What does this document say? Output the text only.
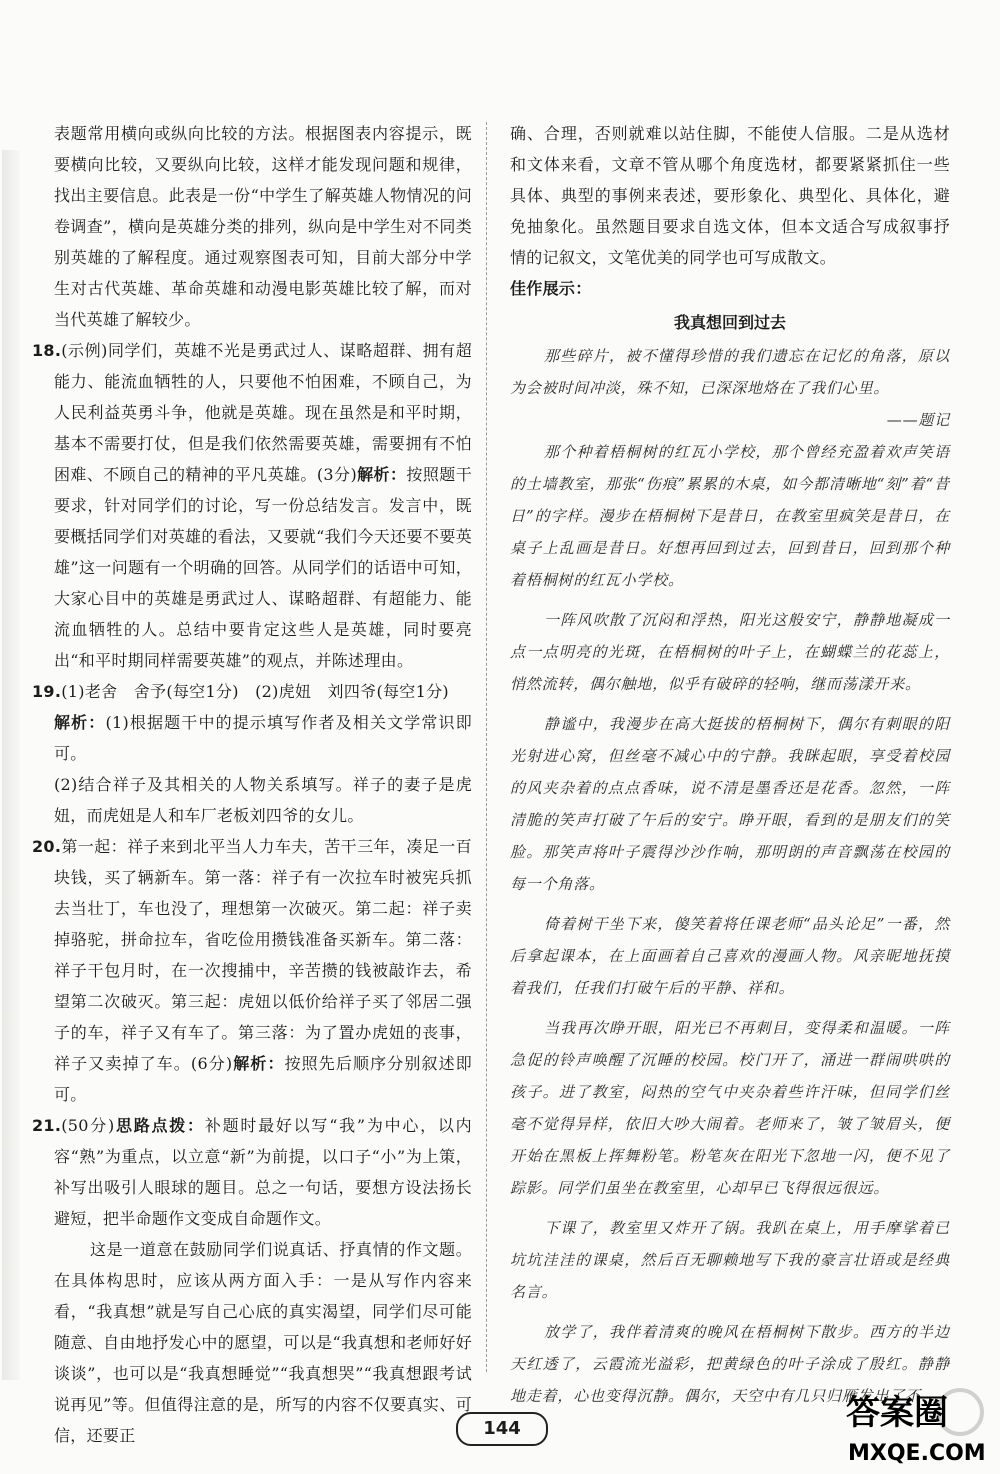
表题常用横向或纵向比较的方法。根据图表内容提示，既要横向比较，又要纵向比较，这样才能发现问题和规律，找出主要信息。此表是一份“中学生了解英雄人物情况的问卷调查”，横向是英雄分类的排列，纵向是中学生对不同类别英雄的了解程度。通过观察图表可知，目前大部分中学生对古代英雄、革命英雄和动漫电影英雄比较了解，而对当代英雄了解较少。

18.(示例)同学们，英雄不光是勇武过人、谋略超群、拥有超能力、能流血牺牲的人，只要他不怕困难，不顾自己，为人民利益英勇斗争，他就是英雄。现在虽然是和平时期，基本不需要打仗，但是我们依然需要英雄，需要拥有不怕困难、不顾自己的精神的平凡英雄。(3分)解析：按照题干要求，针对同学们的讨论，写一份总结发言。发言中，既要概括同学们对英雄的看法，又要就“我们今天还要不要英雄”这一问题有一个明确的回答。从同学们的话语中可知，大家心目中的英雄是勇武过人、谋略超群、有超能力、能流血牺牲的人。总结中要肯定这些人是英雄，同时要亮出“和平时期同样需要英雄”的观点，并陈述理由。

19.(1)老舍　舍予(每空1分)　(2)虎妞　刘四爷(每空1分)

解析：(1)根据题干中的提示填写作者及相关文学常识即可。

(2)结合祥子及其相关的人物关系填写。祥子的妻子是虎妞，而虎妞是人和车厂老板刘四爷的女儿。

20.第一起：祥子来到北平当人力车夫，苦干三年，凑足一百块钱，买了辆新车。第一落：祥子有一次拉车时被宪兵抓去当壮丁，车也没了，理想第一次破灭。第二起：祥子卖掉骆驼，拼命拉车，省吃俭用攒钱准备买新车。第二落：祥子干包月时，在一次搜捕中，辛苦攒的钱被敲诈去，希望第二次破灭。第三起：虎妞以低价给祥子买了邻居二强子的车，祥子又有车了。第三落：为了置办虎妞的丧事，祥子又卖掉了车。(6分)解析：按照先后顺序分别叙述即可。

21.(50分)思路点拨：补题时最好以写“我”为中心，以内容“熟”为重点，以立意“新”为前提，以口子“小”为上策，补写出吸引人眼球的题目。总之一句话，要想方设法扬长避短，把半命题作文变成自命题作文。

这是一道意在鼓励同学们说真话、抒真情的作文题。在具体构思时，应该从两方面入手：一是从写作内容来看，“我真想”就是写自己心底的真实渴望，同学们尽可能随意、自由地抒发心中的愿望，可以是“我真想和老师好好谈谈”，也可以是“我真想睡觉”“我真想哭”“我真想跟考试说再见”等。但值得注意的是，所写的内容不仅要真实、可信，还要正

确、合理，否则就难以站住脚，不能使人信服。二是从选材和文体来看，文章不管从哪个角度选材，都要紧紧抓住一些具体、典型的事例来表述，要形象化、典型化、具体化，避免抽象化。虽然题目要求自选文体，但本文适合写成叙事抒情的记叙文，文笔优美的同学也可写成散文。

佳作展示：

我真想回到过去

那些碎片，被不懂得珍惜的我们遗忘在记忆的角落，原以为会被时间冲淡，殊不知，已深深地烙在了我们心里。

——题记

那个种着梧桐树的红瓦小学校，那个曾经充盈着欢声笑语的土墙教室，那张“伤痕”累累的木桌，如今都清晰地“刻”着“昔日”的字样。漫步在梧桐树下是昔日，在教室里疯笑是昔日，在桌子上乱画是昔日。好想再回到过去，回到昔日，回到那个种着梧桐树的红瓦小学校。

一阵风吹散了沉闷和浮热，阳光这般安宁，静静地凝成一点一点明亮的光斑，在梧桐树的叶子上，在蝴蝶兰的花蕊上，悄然流转，偶尔触地，似乎有破碎的轻响，继而荡漾开来。

静谧中，我漫步在高大挺拔的梧桐树下，偶尔有刺眼的阳光射进心窝，但丝毫不减心中的宁静。我眯起眼，享受着校园的风夹杂着的点点香味，说不清是墨香还是花香。忽然，一阵清脆的笑声打破了午后的安宁。睁开眼，看到的是朋友们的笑脸。那笑声将叶子震得沙沙作响，那明朗的声音飘荡在校园的每一个角落。

倚着树干坐下来，傻笑着将任课老师“品头论足”一番，然后拿起课本，在上面画着自己喜欢的漫画人物。风亲昵地抚摸着我们，任我们打破午后的平静、祥和。

当我再次睁开眼，阳光已不再刺目，变得柔和温暖。一阵急促的铃声唤醒了沉睡的校园。校门开了，涌进一群闹哄哄的孩子。进了教室，闷热的空气中夹杂着些许汗味，但同学们丝毫不觉得异样，依旧大吵大闹着。老师来了，皱了皱眉头，便开始在黑板上挥舞粉笔。粉笔灰在阳光下忽地一闪，便不见了踪影。同学们虽坐在教室里，心却早已飞得很远很远。

下课了，教室里又炸开了锅。我趴在桌上，用手摩挲着已坑坑洼洼的课桌，然后百无聊赖地写下我的豪言壮语或是经典名言。

放学了，我伴着清爽的晚风在梧桐树下散步。西方的半边天红透了，云霞流光溢彩，把黄绿色的叶子涂成了殷红。静静地走着，心也变得沉静。偶尔，天空中有几只归雁发出了不

144	答案圈
MXQE.COM
